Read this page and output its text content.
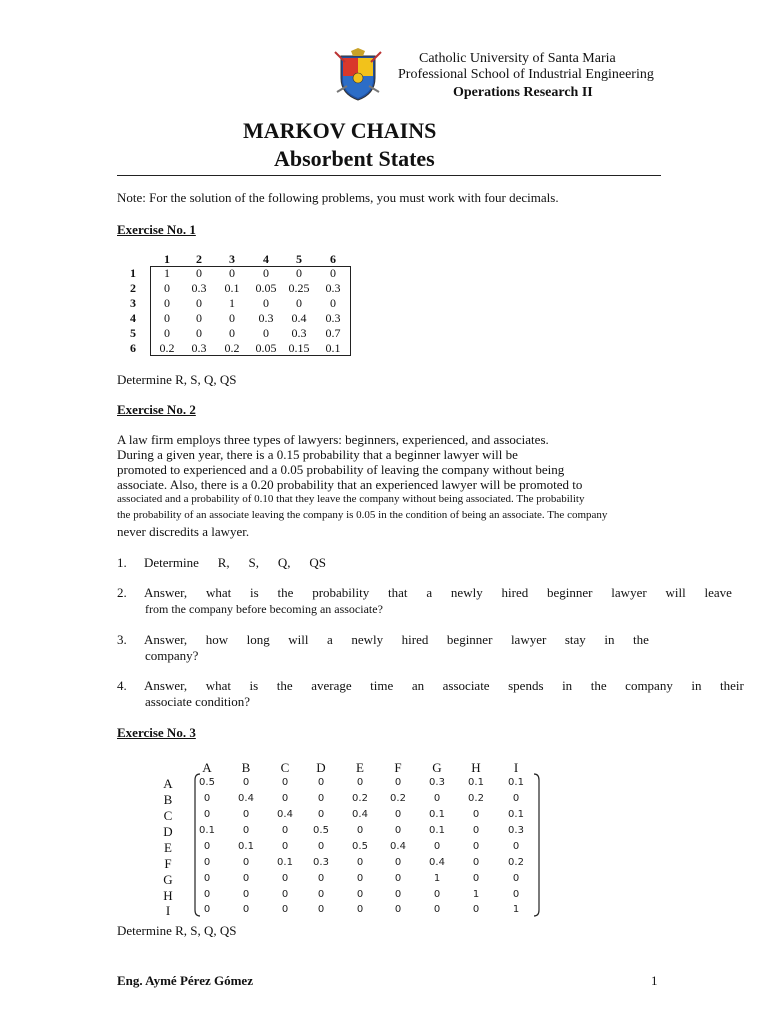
Catholic University of Santa Maria
Professional School of Industrial Engineering
Operations Research II
MARKOV CHAINS
Absorbent States
Note: For the solution of the following problems, you must work with four decimals.
Exercise No. 1
1	2	3	4	5	6
1	1	0	0	0	0	0
2	0	0.3	0.1	0.05	0.25	0.3
3	0	0	1	0	0	0
4	0	0	0	0.3	0.4	0.3
5	0	0	0	0	0.3	0.7
6	0.2	0.3	0.2	0.05	0.15	0.1
Determine R, S, Q, QS
Exercise No. 2
A law firm employs three types of lawyers: beginners, experienced, and associates.
During a given year, there is a 0.15 probability that a beginner lawyer will be
promoted to experienced and a 0.05 probability of leaving the company without being
associate. Also, there is a 0.20 probability that an experienced lawyer will be promoted to
associated and a probability of 0.10 that they leave the company without being associated. The probability
the probability of an associate leaving the company is 0.05 in the condition of being an associate. The company
never discredits a lawyer.
1. Determine R, S, Q, QS
2. Answer, what is the probability that a newly hired beginner lawyer will leave
from the company before becoming an associate?
3. Answer, how long will a newly hired beginner lawyer stay in the
company?
4. Answer, what is the average time an associate spends in the company in their
associate condition?
Exercise No. 3
A	B	C	D	E	F	G	H	I
A	0.5	0	0	0	0	0	0.3	0.1	0.1
B	0	0.4	0	0	0.2	0.2	0	0.2	0
C	0	0	0.4	0	0.4	0	0.1	0	0.1
D	0.1	0	0	0.5	0	0	0.1	0	0.3
E	0	0.1	0	0	0.5	0.4	0	0	0
F	0	0	0.1	0.3	0	0	0.4	0	0.2
G	0	0	0	0	0	0	1	0	0
H	0	0	0	0	0	0	0	1	0
I	0	0	0	0	0	0	0	0	1
Determine R, S, Q, QS
Eng. Aymé Pérez Gómez	1
